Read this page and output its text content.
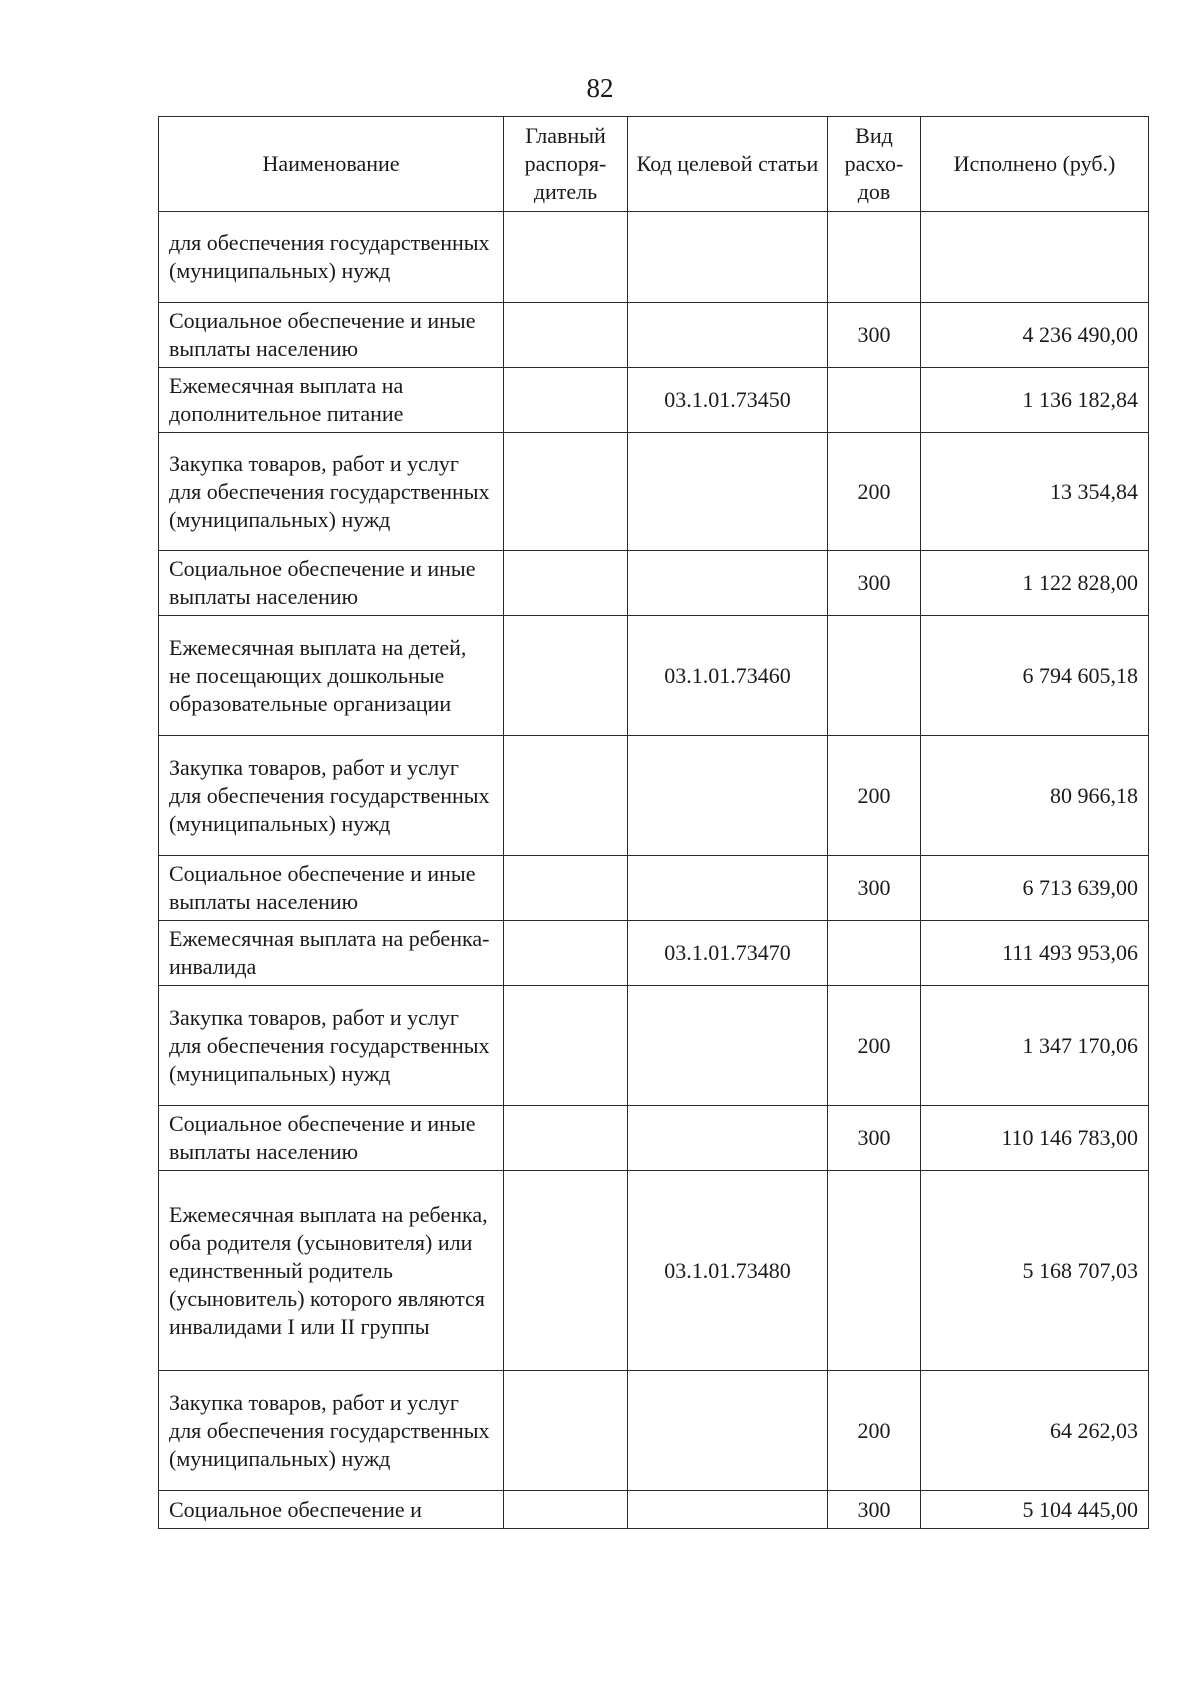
82
Наименование	Главный распоря-дитель	Код целевой статьи	Вид расхо-дов	Исполнено (руб.)
для обеспечения государственных (муниципальных) нужд				
Социальное обеспечение и иные выплаты населению			300	4 236 490,00
Ежемесячная выплата на дополнительное питание		03.1.01.73450		1 136 182,84
Закупка товаров, работ и услуг для обеспечения государственных (муниципальных) нужд			200	13 354,84
Социальное обеспечение и иные выплаты населению			300	1 122 828,00
Ежемесячная выплата на детей, не посещающих дошкольные образовательные организации		03.1.01.73460		6 794 605,18
Закупка товаров, работ и услуг для обеспечения государственных (муниципальных) нужд			200	80 966,18
Социальное обеспечение и иные выплаты населению			300	6 713 639,00
Ежемесячная выплата на ребенка-инвалида		03.1.01.73470		111 493 953,06
Закупка товаров, работ и услуг для обеспечения государственных (муниципальных) нужд			200	1 347 170,06
Социальное обеспечение и иные выплаты населению			300	110 146 783,00
Ежемесячная выплата на ребенка, оба родителя (усыновителя) или единственный родитель (усыновитель) которого являются инвалидами I или II группы		03.1.01.73480		5 168 707,03
Закупка товаров, работ и услуг для обеспечения государственных (муниципальных) нужд			200	64 262,03
Социальное обеспечение и			300	5 104 445,00
